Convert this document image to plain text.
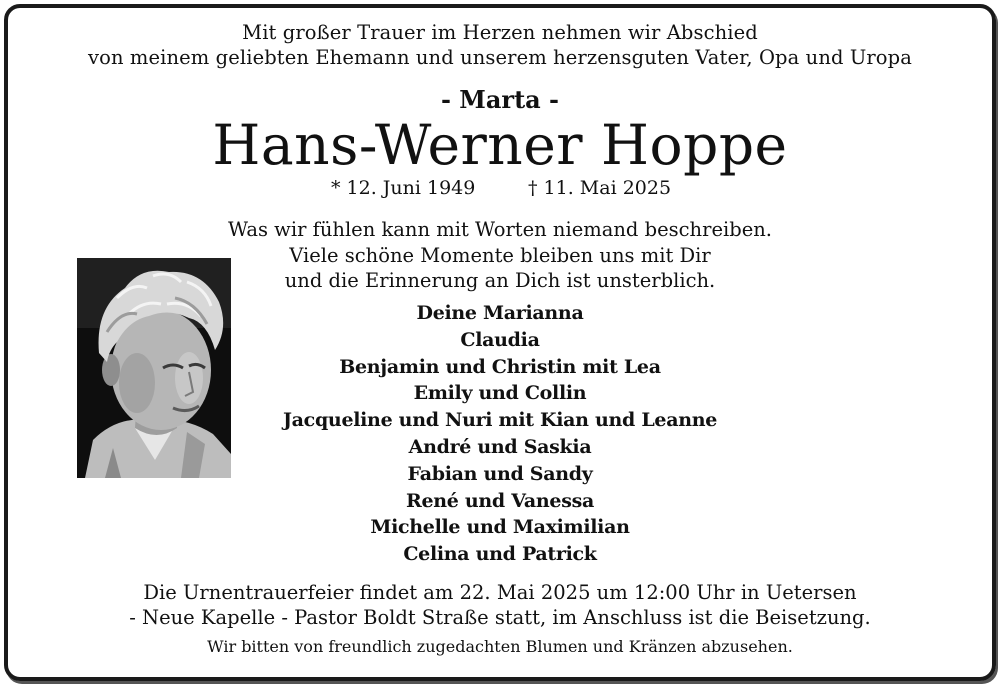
Mit großer Trauer im Herzen nehmen wir Abschied
von meinem geliebten Ehemann und unserem herzensguten Vater, Opa und Uropa
- Marta -
Hans-Werner Hoppe
* 12. Juni 1949	† 11. Mai 2025
Was wir fühlen kann mit Worten niemand beschreiben.
Viele schöne Momente bleiben uns mit Dir
und die Erinnerung an Dich ist unsterblich.
Deine Marianna
Claudia
Benjamin und Christin mit Lea
Emily und Collin
Jacqueline und Nuri mit Kian und Leanne
André und Saskia
Fabian und Sandy
René und Vanessa
Michelle und Maximilian
Celina und Patrick
Die Urnentrauerfeier findet am 22. Mai 2025 um 12:00 Uhr in Uetersen
- Neue Kapelle - Pastor Boldt Straße statt, im Anschluss ist die Beisetzung.
Wir bitten von freundlich zugedachten Blumen und Kränzen abzusehen.
